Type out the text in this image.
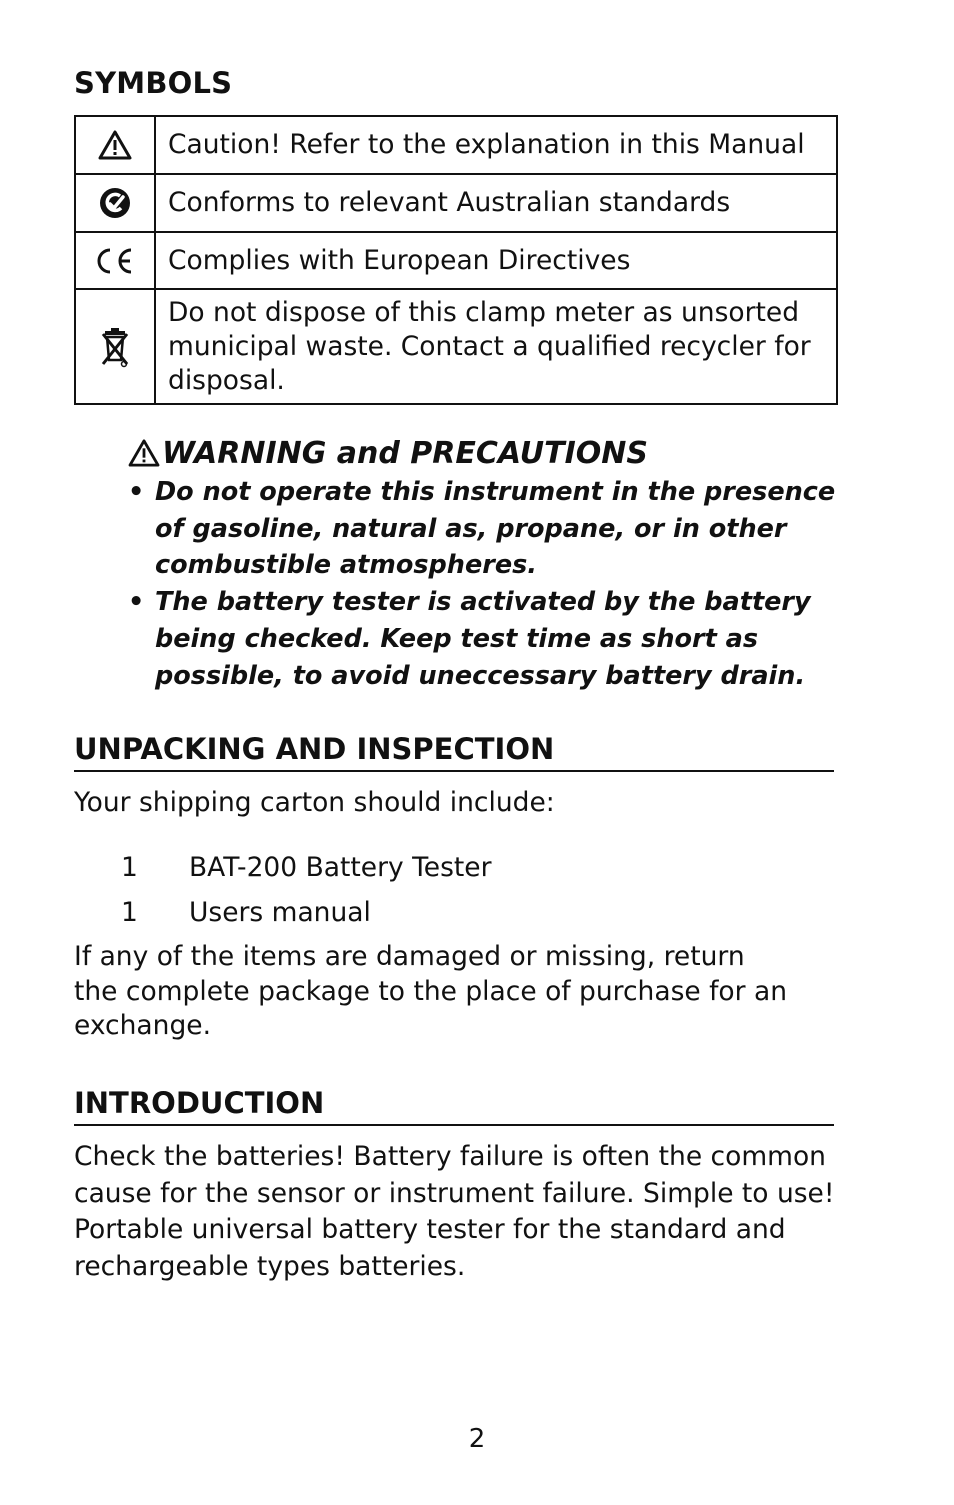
SYMBOLS
	Caution! Refer to the explanation in this Manual

	Conforms to relevant Australian standards

	Complies with European Directives

	Do not dispose of this clamp meter as unsorted municipal waste. Contact a qualified recycler for disposal.
WARNING and PRECAUTIONS
• Do not operate this instrument in the presence of gasoline, natural as, propane, or in other combustible atmospheres.
• The battery tester is activated by the battery being checked. Keep test time as short as possible, to avoid uneccessary battery drain.
UNPACKING AND INSPECTION

Your shipping carton should include:

1	BAT-200 Battery Tester
1	Users manual

If any of the items are damaged or missing, return the complete package to the place of purchase for an exchange.

INTRODUCTION

Check the batteries! Battery failure is often the common cause for the sensor or instrument failure. Simple to use! Portable universal battery tester for the standard and rechargeable types batteries.

2
